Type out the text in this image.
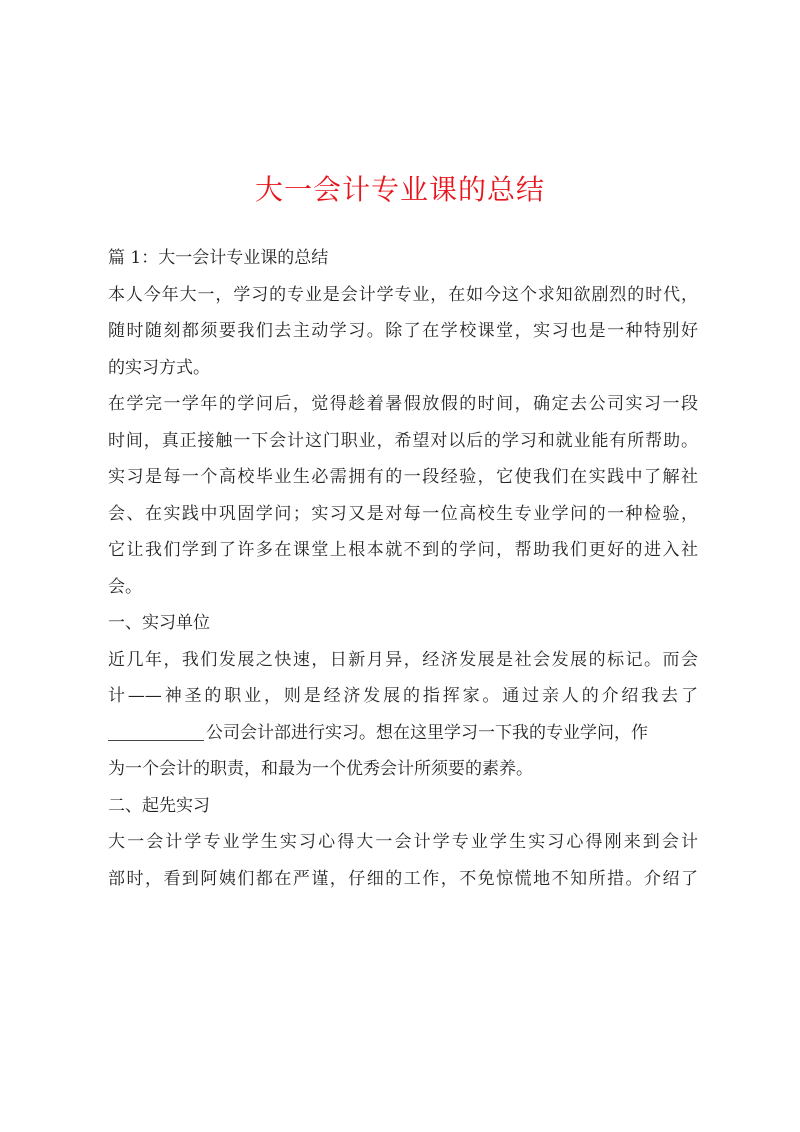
大一会计专业课的总结
篇 1：大一会计专业课的总结
本人今年大一，学习的专业是会计学专业，在如今这个求知欲剧烈的时代，
随时随刻都须要我们去主动学习。除了在学校课堂，实习也是一种特别好
的实习方式。
在学完一学年的学问后，觉得趁着暑假放假的时间，确定去公司实习一段
时间，真正接触一下会计这门职业，希望对以后的学习和就业能有所帮助。
实习是每一个高校毕业生必需拥有的一段经验，它使我们在实践中了解社
会、在实践中巩固学问；实习又是对每一位高校生专业学问的一种检验，
它让我们学到了许多在课堂上根本就不到的学问，帮助我们更好的进入社
会。
一、实习单位
近几年，我们发展之快速，日新月异，经济发展是社会发展的标记。而会
计——神圣的职业，则是经济发展的指挥家。通过亲人的介绍我去了
公司会计部进行实习。想在这里学习一下我的专业学问，作
为一个会计的职责，和最为一个优秀会计所须要的素养。
二、起先实习
大一会计学专业学生实习心得大一会计学专业学生实习心得刚来到会计
部时，看到阿姨们都在严谨，仔细的工作，不免惊慌地不知所措。介绍了
